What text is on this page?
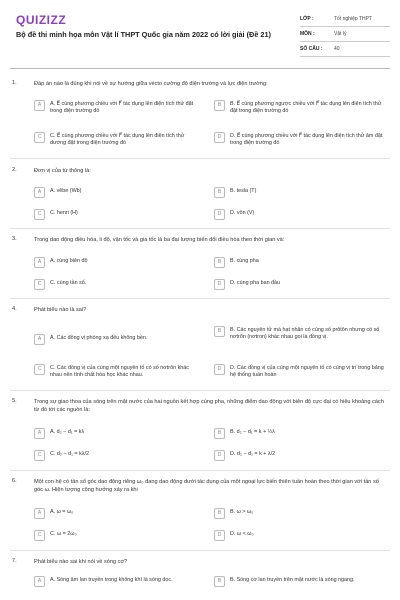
QUIZIZZ
Bộ đề thi minh họa môn Vật lí THPT Quốc gia năm 2022 có lời giải (Đề 21)
LỚP :	Tốt nghiệp THPT
MÔN :	Vật lý
SỐ CÂU :	40
1.	Đáp án nào là đúng khi nói về sự hướng giữa vécto cường độ điện trường và lực điện trường:
A	A. E⃗ cùng phương chiều với F⃗ tác dụng lên điện tích thử đặt trong điện trường đó
B	B. E⃗ cùng phương ngược chiều với F⃗ tác dụng lên điện tích thử đặt trong điện trường đó
C	C. E⃗ cùng phương chiều với F⃗ tác dụng lên điện tích thử dương đặt trong điện trường đó
D	D. E⃗ cùng phương chiều với F⃗ tác dụng lên điện tích thử âm đặt trong điện trường đó
2.	Đơn vị của từ thông là:
A	A. vêbe (Wb)	B	B. tesla (T)
C	C. henri (H)	D	D. vôn (V)
3.	Trong dao động điều hòa, li độ, vận tốc và gia tốc là ba đại lượng biến đổi điều hòa theo thời gian và:
A	A. cùng biên độ	B	B. cùng pha
C	C. cùng tần số.	D	D. cùng pha ban đầu
4.	Phát biểu nào là sai?
A	A. Các đồng vị phóng xạ đều không bền.
B	B. Các nguyên tử mà hạt nhân có cùng số prôtôn nhưng có số nơtrôn (nơtron) khác nhau gọi là đồng vị.
C	C. Các đồng vị của cùng một nguyên tố có số nơtrôn khác nhau nên tính chất hóa học khác nhau.
D	D. Các đồng vị của cùng một nguyên tố có cùng vị trí trong bảng hệ thống tuần hoàn
5.	Trong sự giao thoa của sóng trên mặt nước của hai nguồn kết hợp cùng pha, những điểm dao động với biên độ cực đại có hiệu khoảng cách từ đó tới các nguồn là:
A	A. d₂ − d₁ = kλ	B	B. d₂ − d₁ = k + ½λ
C	C. d₂ − d₁ = kλ/2	D	D. d₂ − d₁ = k + λ/2
6.	Một con hệ có tần số góc dao động riêng ω₀ đang dao động dưới tác dụng của một ngoại lực biến thiên tuần hoàn theo thời gian với tần số góc ω. Hiện tượng cộng hưởng xảy ra khi
A	A. ω = ω₀	B	B. ω > ω₀
C	C. ω = 2ω₀	D	D. ω < ω₀
7.	Phát biểu nào sai khi nói về sóng cơ?
A	A. Sóng âm lan truyền trong không khí là sóng dọc.	B	B. Sóng cơ lan truyền trên mặt nước là sóng ngang.
